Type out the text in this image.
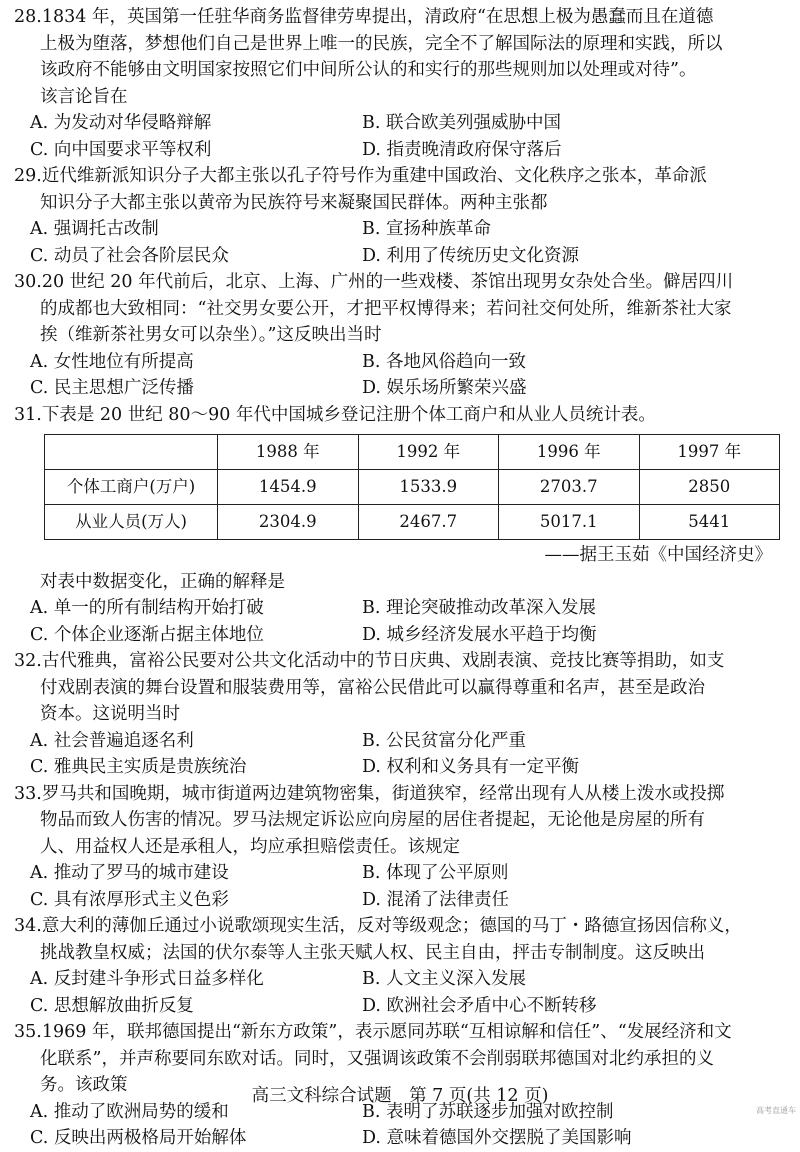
28.1834 年，英国第一任驻华商务监督律劳卑提出，清政府“在思想上极为愚蠢而且在道德
上极为堕落，梦想他们自己是世界上唯一的民族，完全不了解国际法的原理和实践，所以
该政府不能够由文明国家按照它们中间所公认的和实行的那些规则加以处理或对待”。
该言论旨在
A. 为发动对华侵略辩解	B. 联合欧美列强威胁中国
C. 向中国要求平等权利	D. 指责晚清政府保守落后
29.近代维新派知识分子大都主张以孔子符号作为重建中国政治、文化秩序之张本，革命派
知识分子大都主张以黄帝为民族符号来凝聚国民群体。两种主张都
A. 强调托古改制	B. 宣扬种族革命
C. 动员了社会各阶层民众	D. 利用了传统历史文化资源
30.20 世纪 20 年代前后，北京、上海、广州的一些戏楼、茶馆出现男女杂处合坐。僻居四川
的成都也大致相同：“社交男女要公开，才把平权博得来；若问社交何处所，维新茶社大家
挨（维新茶社男女可以杂坐）。”这反映出当时
A. 女性地位有所提高	B. 各地风俗趋向一致
C. 民主思想广泛传播	D. 娱乐场所繁荣兴盛
31.下表是 20 世纪 80～90 年代中国城乡登记注册个体工商户和从业人员统计表。
	1988 年	1992 年	1996 年	1997 年
个体工商户(万户)	1454.9	1533.9	2703.7	2850
从业人员(万人)	2304.9	2467.7	5017.1	5441

——据王玉茹《中国经济史》

对表中数据变化，正确的解释是
A. 单一的所有制结构开始打破	B. 理论突破推动改革深入发展
C. 个体企业逐渐占据主体地位	D. 城乡经济发展水平趋于均衡
32.古代雅典，富裕公民要对公共文化活动中的节日庆典、戏剧表演、竞技比赛等捐助，如支
付戏剧表演的舞台设置和服装费用等，富裕公民借此可以赢得尊重和名声，甚至是政治
资本。这说明当时
A. 社会普遍追逐名利	B. 公民贫富分化严重
C. 雅典民主实质是贵族统治	D. 权利和义务具有一定平衡
33.罗马共和国晚期，城市街道两边建筑物密集，街道狭窄，经常出现有人从楼上泼水或投掷
物品而致人伤害的情况。罗马法规定诉讼应向房屋的居住者提起，无论他是房屋的所有
人、用益权人还是承租人，均应承担赔偿责任。该规定
A. 推动了罗马的城市建设	B. 体现了公平原则
C. 具有浓厚形式主义色彩	D. 混淆了法律责任
34.意大利的薄伽丘通过小说歌颂现实生活，反对等级观念；德国的马丁・路德宣扬因信称义，
挑战教皇权威；法国的伏尔泰等人主张天赋人权、民主自由，抨击专制制度。这反映出
A. 反封建斗争形式日益多样化	B. 人文主义深入发展
C. 思想解放曲折反复	D. 欧洲社会矛盾中心不断转移
35.1969 年，联邦德国提出“新东方政策”，表示愿同苏联“互相谅解和信任”、“发展经济和文
化联系”，并声称要同东欧对话。同时，又强调该政策不会削弱联邦德国对北约承担的义
务。该政策
A. 推动了欧洲局势的缓和	B. 表明了苏联逐步加强对欧控制
C. 反映出两极格局开始解体	D. 意味着德国外交摆脱了美国影响
高三文科综合试题　第 7 页(共 12 页)
高考直通车
